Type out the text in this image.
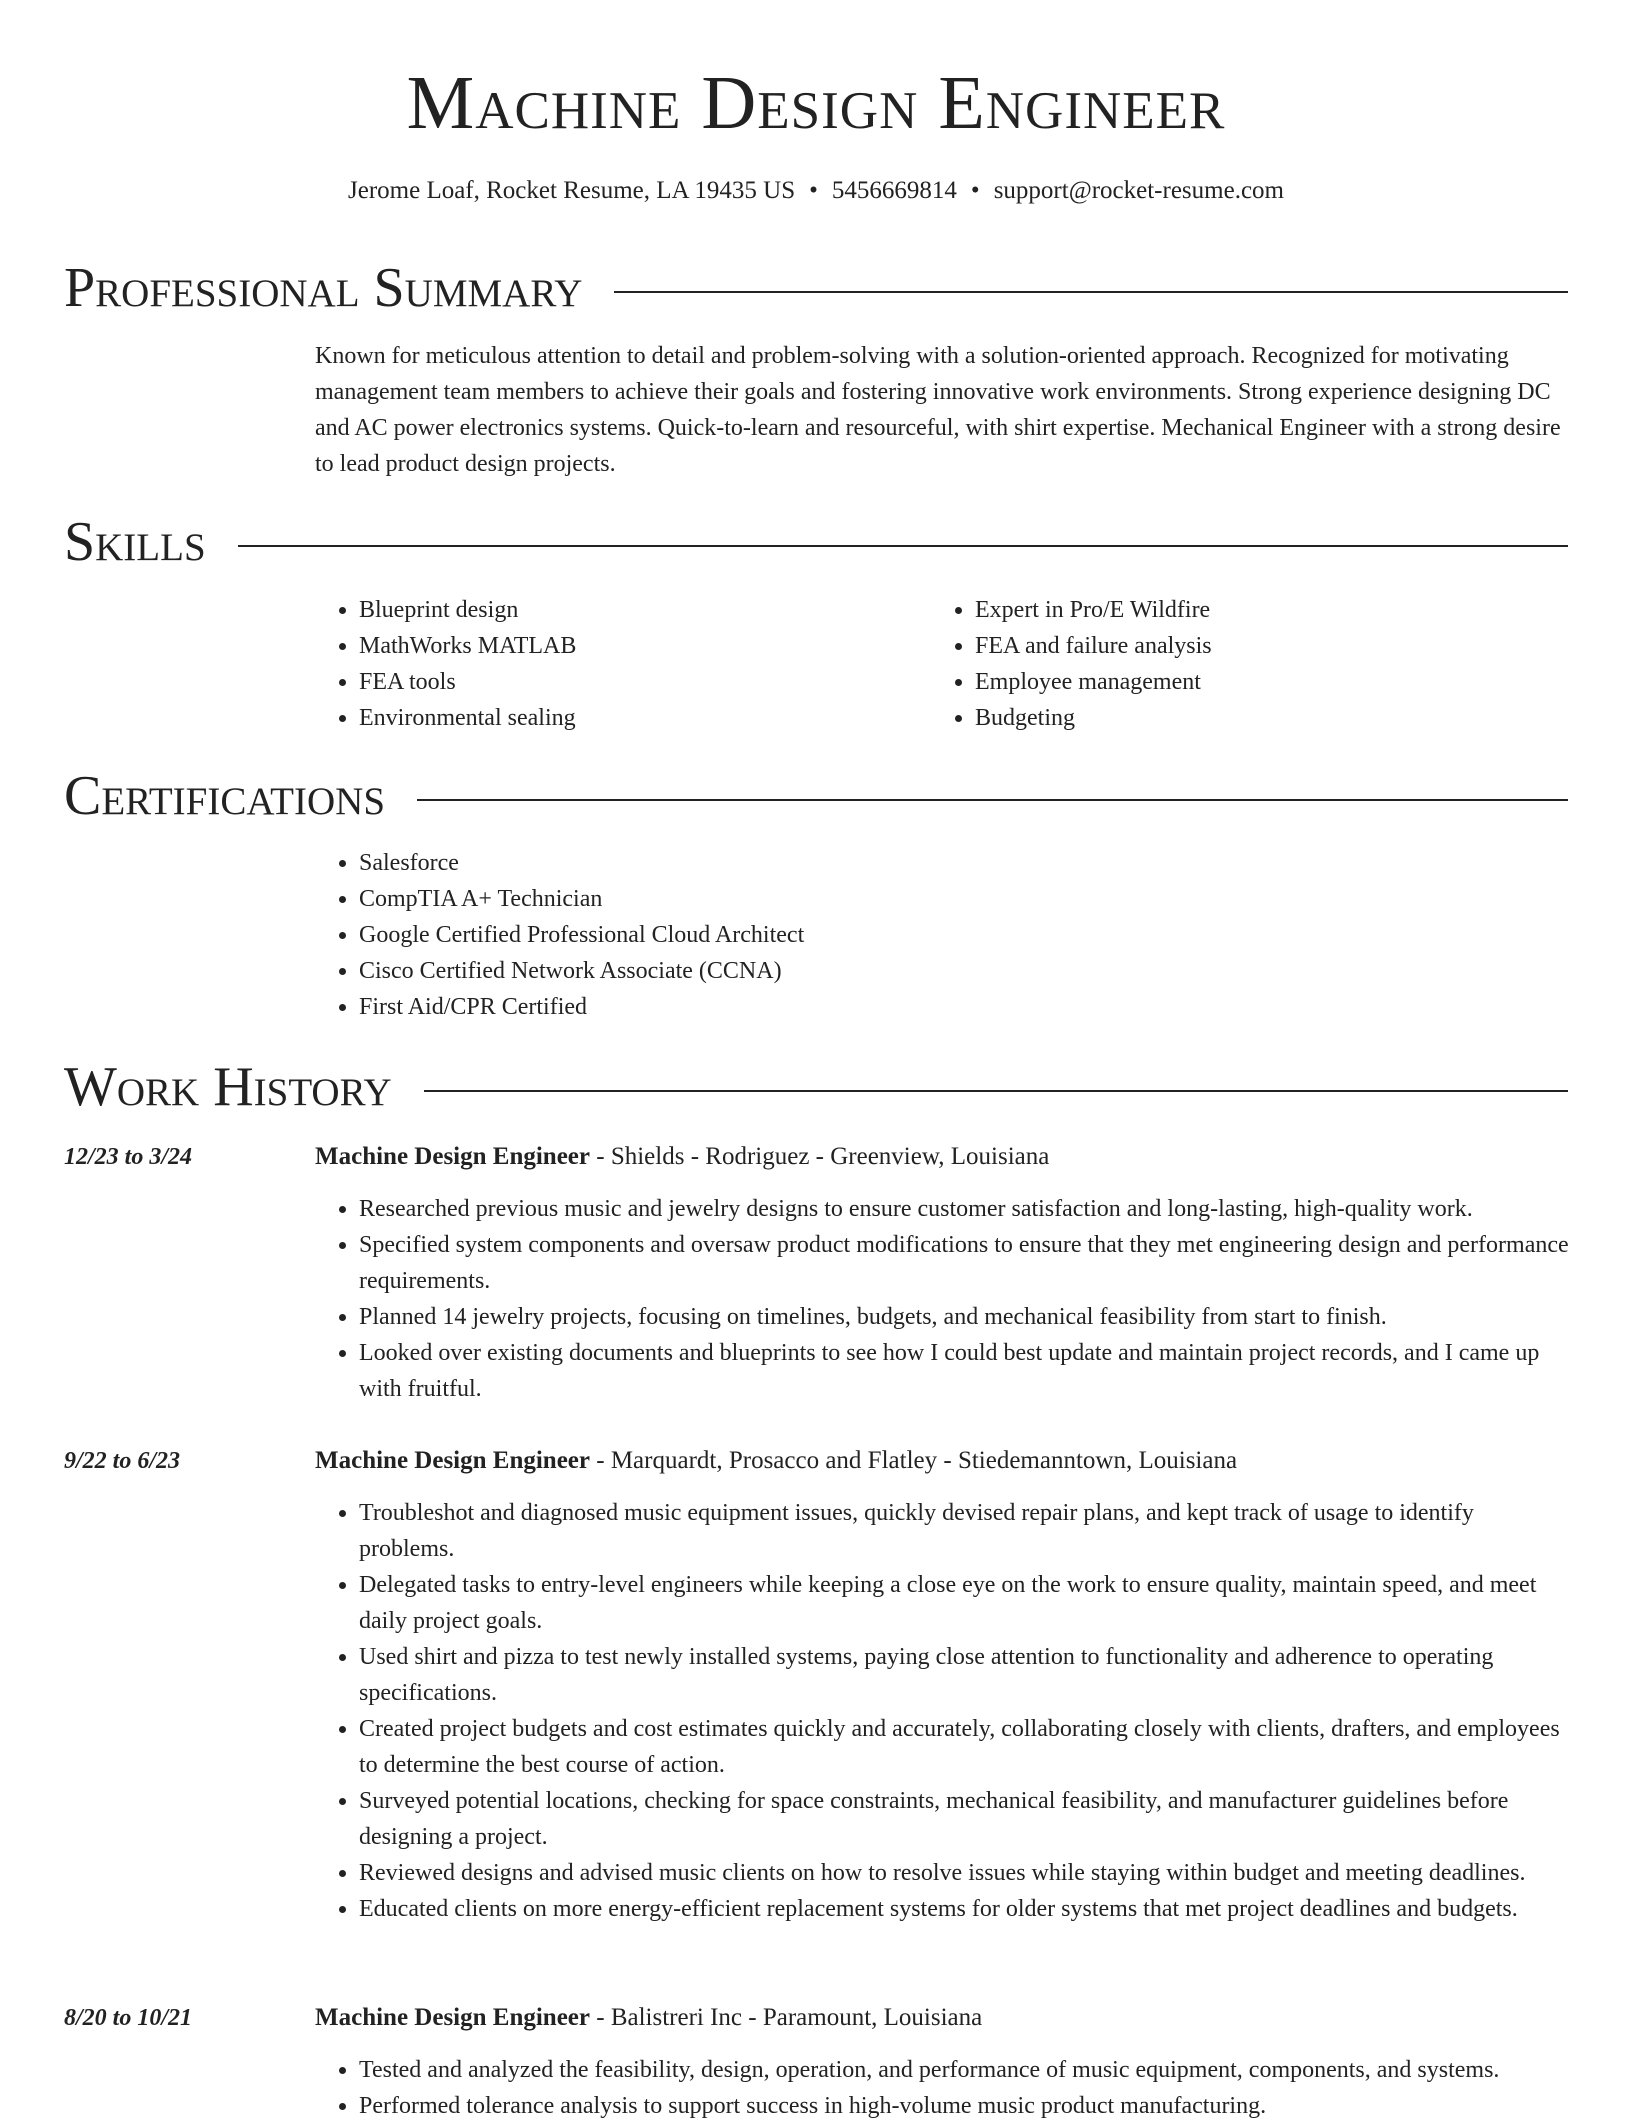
Machine Design Engineer
Jerome Loaf, Rocket Resume, LA 19435 US • 5456669814 • support@rocket-resume.com
Professional Summary

Known for meticulous attention to detail and problem-solving with a solution-oriented approach. Recognized for motivating management team members to achieve their goals and fostering innovative work environments. Strong experience designing DC and AC power electronics systems. Quick-to-learn and resourceful, with shirt expertise. Mechanical Engineer with a strong desire to lead product design projects.

Skills
• Blueprint design
• MathWorks MATLAB
• FEA tools
• Environmental sealing
• Expert in Pro/E Wildfire
• FEA and failure analysis
• Employee management
• Budgeting
Certifications
• Salesforce
• CompTIA A+ Technician
• Google Certified Professional Cloud Architect
• Cisco Certified Network Associate (CCNA)
• First Aid/CPR Certified
Work History
12/23 to 3/24	Machine Design Engineer - Shields - Rodriguez - Greenview, Louisiana
• Researched previous music and jewelry designs to ensure customer satisfaction and long-lasting, high-quality work.
• Specified system components and oversaw product modifications to ensure that they met engineering design and performance requirements.
• Planned 14 jewelry projects, focusing on timelines, budgets, and mechanical feasibility from start to finish.
• Looked over existing documents and blueprints to see how I could best update and maintain project records, and I came up with fruitful.
9/22 to 6/23	Machine Design Engineer - Marquardt, Prosacco and Flatley - Stiedemanntown, Louisiana
• Troubleshot and diagnosed music equipment issues, quickly devised repair plans, and kept track of usage to identify problems.
• Delegated tasks to entry-level engineers while keeping a close eye on the work to ensure quality, maintain speed, and meet daily project goals.
• Used shirt and pizza to test newly installed systems, paying close attention to functionality and adherence to operating specifications.
• Created project budgets and cost estimates quickly and accurately, collaborating closely with clients, drafters, and employees to determine the best course of action.
• Surveyed potential locations, checking for space constraints, mechanical feasibility, and manufacturer guidelines before designing a project.
• Reviewed designs and advised music clients on how to resolve issues while staying within budget and meeting deadlines.
• Educated clients on more energy-efficient replacement systems for older systems that met project deadlines and budgets.
8/20 to 10/21	Machine Design Engineer - Balistreri Inc - Paramount, Louisiana
• Tested and analyzed the feasibility, design, operation, and performance of music equipment, components, and systems.
• Performed tolerance analysis to support success in high-volume music product manufacturing.
